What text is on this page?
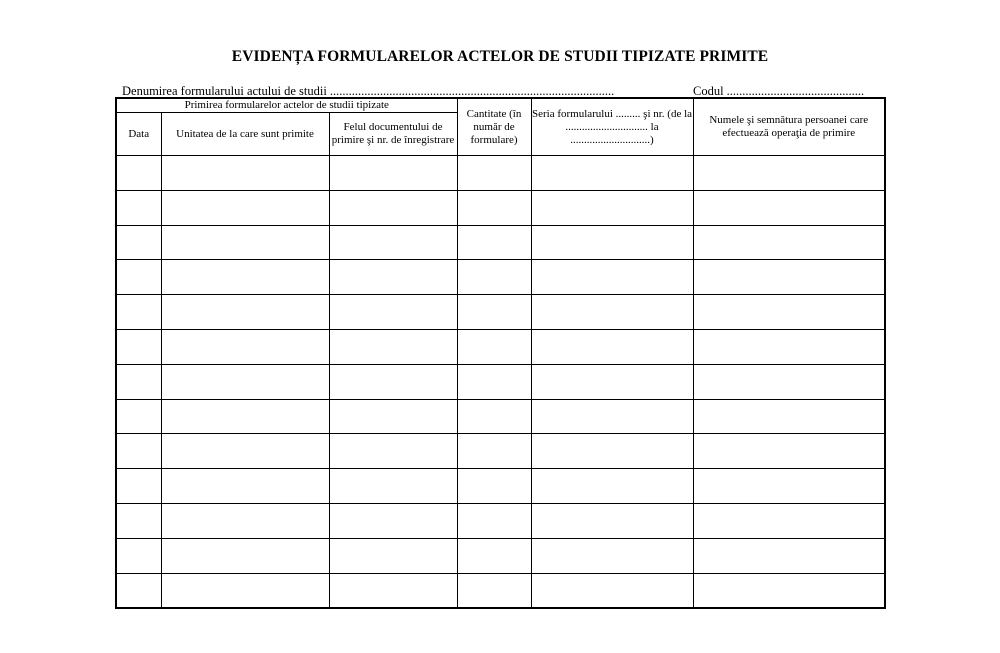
EVIDENȚA FORMULARELOR ACTELOR DE STUDII TIPIZATE PRIMITE
Denumirea formularului actului de studii ...........................................................................................	Codul ............................................
Primirea formularelor actelor de studii tipizate			Cantitate (în număr de formulare)	Seria formularului ......... şi nr. (de la .............................. la .............................)	Numele şi semnătura persoanei care efectuează operaţia de primire
Data	Unitatea de la care sunt primite	Felul documentului de primire şi nr. de înregistrare			
